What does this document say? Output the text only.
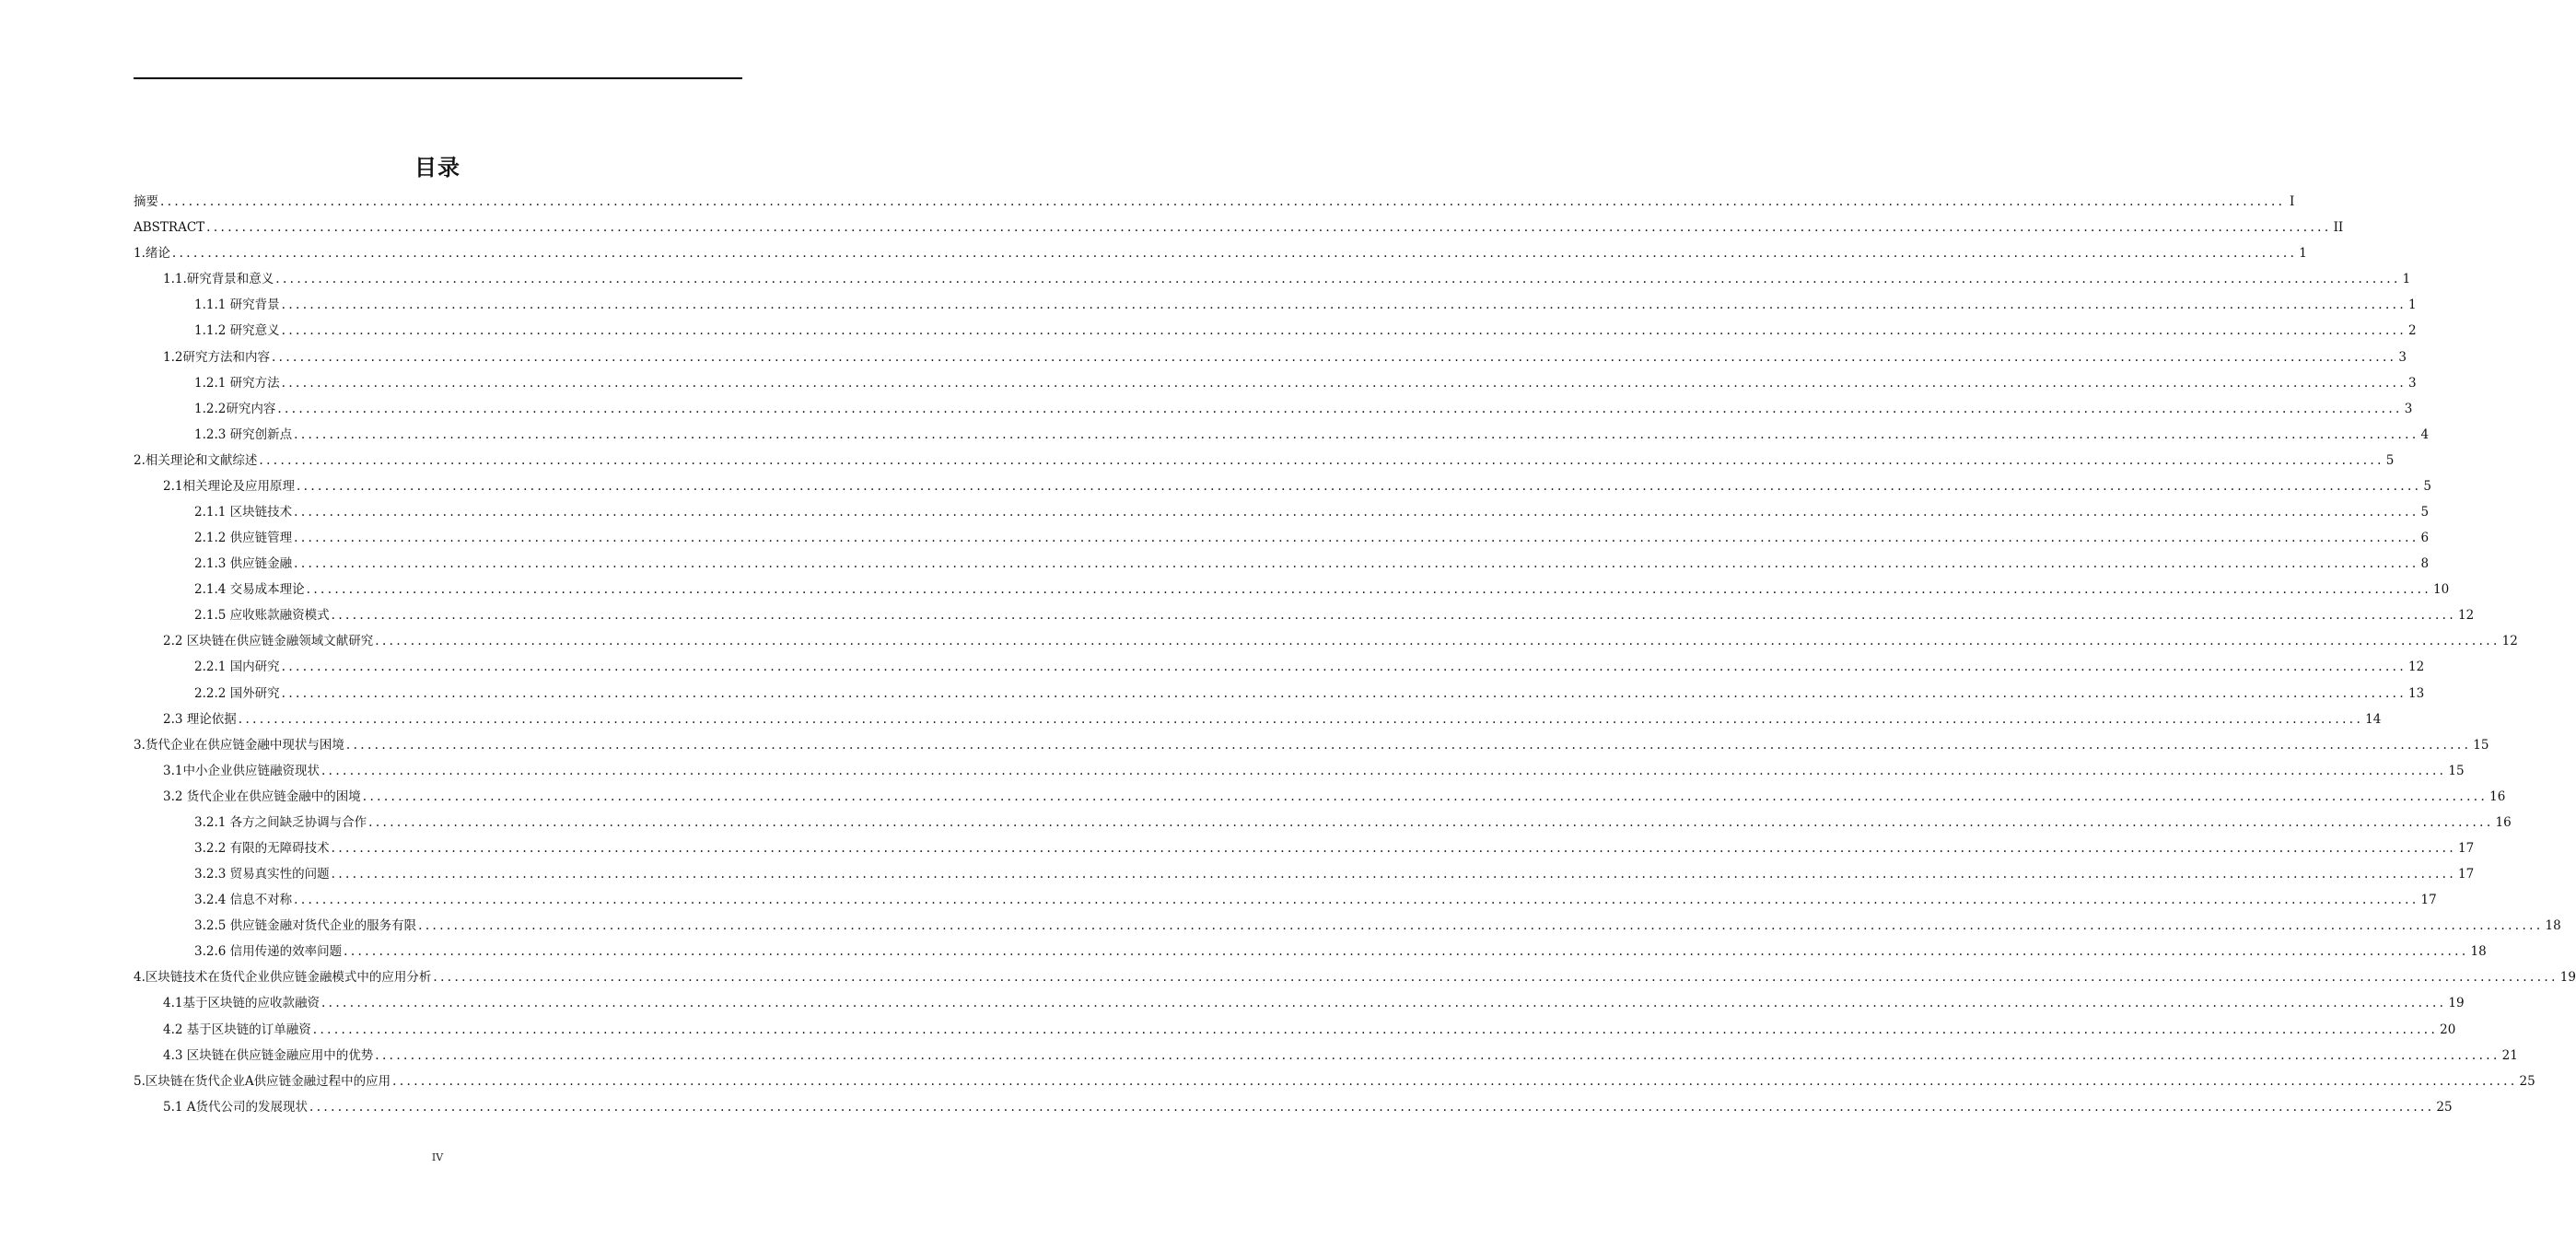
目录
摘要 ............................................................................................................................................................................................................................................................................................................ I
ABSTRACT ............................................................................................................................................................................................................................................................................................................ II
1.绪论 ............................................................................................................................................................................................................................................................................................................ 1
1.1.研究背景和意义 ............................................................................................................................................................................................................................................................................................................ 1
1.1.1 研究背景 ............................................................................................................................................................................................................................................................................................................ 1
1.1.2 研究意义 ............................................................................................................................................................................................................................................................................................................ 2
1.2研究方法和内容 ............................................................................................................................................................................................................................................................................................................ 3
1.2.1 研究方法 ............................................................................................................................................................................................................................................................................................................ 3
1.2.2研究内容 ............................................................................................................................................................................................................................................................................................................ 3
1.2.3 研究创新点 ............................................................................................................................................................................................................................................................................................................ 4
2.相关理论和文献综述 ............................................................................................................................................................................................................................................................................................................ 5
2.1相关理论及应用原理 ............................................................................................................................................................................................................................................................................................................ 5
2.1.1 区块链技术 ............................................................................................................................................................................................................................................................................................................ 5
2.1.2 供应链管理 ............................................................................................................................................................................................................................................................................................................ 6
2.1.3 供应链金融 ............................................................................................................................................................................................................................................................................................................ 8
2.1.4 交易成本理论 ............................................................................................................................................................................................................................................................................................................ 10
2.1.5 应收账款融资模式 ............................................................................................................................................................................................................................................................................................................ 12
2.2 区块链在供应链金融领域文献研究 ............................................................................................................................................................................................................................................................................................................ 12
2.2.1 国内研究 ............................................................................................................................................................................................................................................................................................................ 12
2.2.2 国外研究 ............................................................................................................................................................................................................................................................................................................ 13
2.3 理论依据 ............................................................................................................................................................................................................................................................................................................ 14
3.货代企业在供应链金融中现状与困境 ............................................................................................................................................................................................................................................................................................................ 15
3.1中小企业供应链融资现状 ............................................................................................................................................................................................................................................................................................................ 15
3.2 货代企业在供应链金融中的困境 ............................................................................................................................................................................................................................................................................................................ 16
3.2.1 各方之间缺乏协调与合作 ............................................................................................................................................................................................................................................................................................................ 16
3.2.2 有限的无障碍技术 ............................................................................................................................................................................................................................................................................................................ 17
3.2.3 贸易真实性的问题 ............................................................................................................................................................................................................................................................................................................ 17
3.2.4 信息不对称 ............................................................................................................................................................................................................................................................................................................ 17
3.2.5 供应链金融对货代企业的服务有限 ............................................................................................................................................................................................................................................................................................................ 18
3.2.6 信用传递的效率问题 ............................................................................................................................................................................................................................................................................................................ 18
4.区块链技术在货代企业供应链金融模式中的应用分析 ............................................................................................................................................................................................................................................................................................................ 19
4.1基于区块链的应收款融资 ............................................................................................................................................................................................................................................................................................................ 19
4.2 基于区块链的订单融资 ............................................................................................................................................................................................................................................................................................................ 20
4.3 区块链在供应链金融应用中的优势 ............................................................................................................................................................................................................................................................................................................ 21
5.区块链在货代企业A供应链金融过程中的应用 ............................................................................................................................................................................................................................................................................................................ 25
5.1 A货代公司的发展现状 ............................................................................................................................................................................................................................................................................................................ 25
IV
